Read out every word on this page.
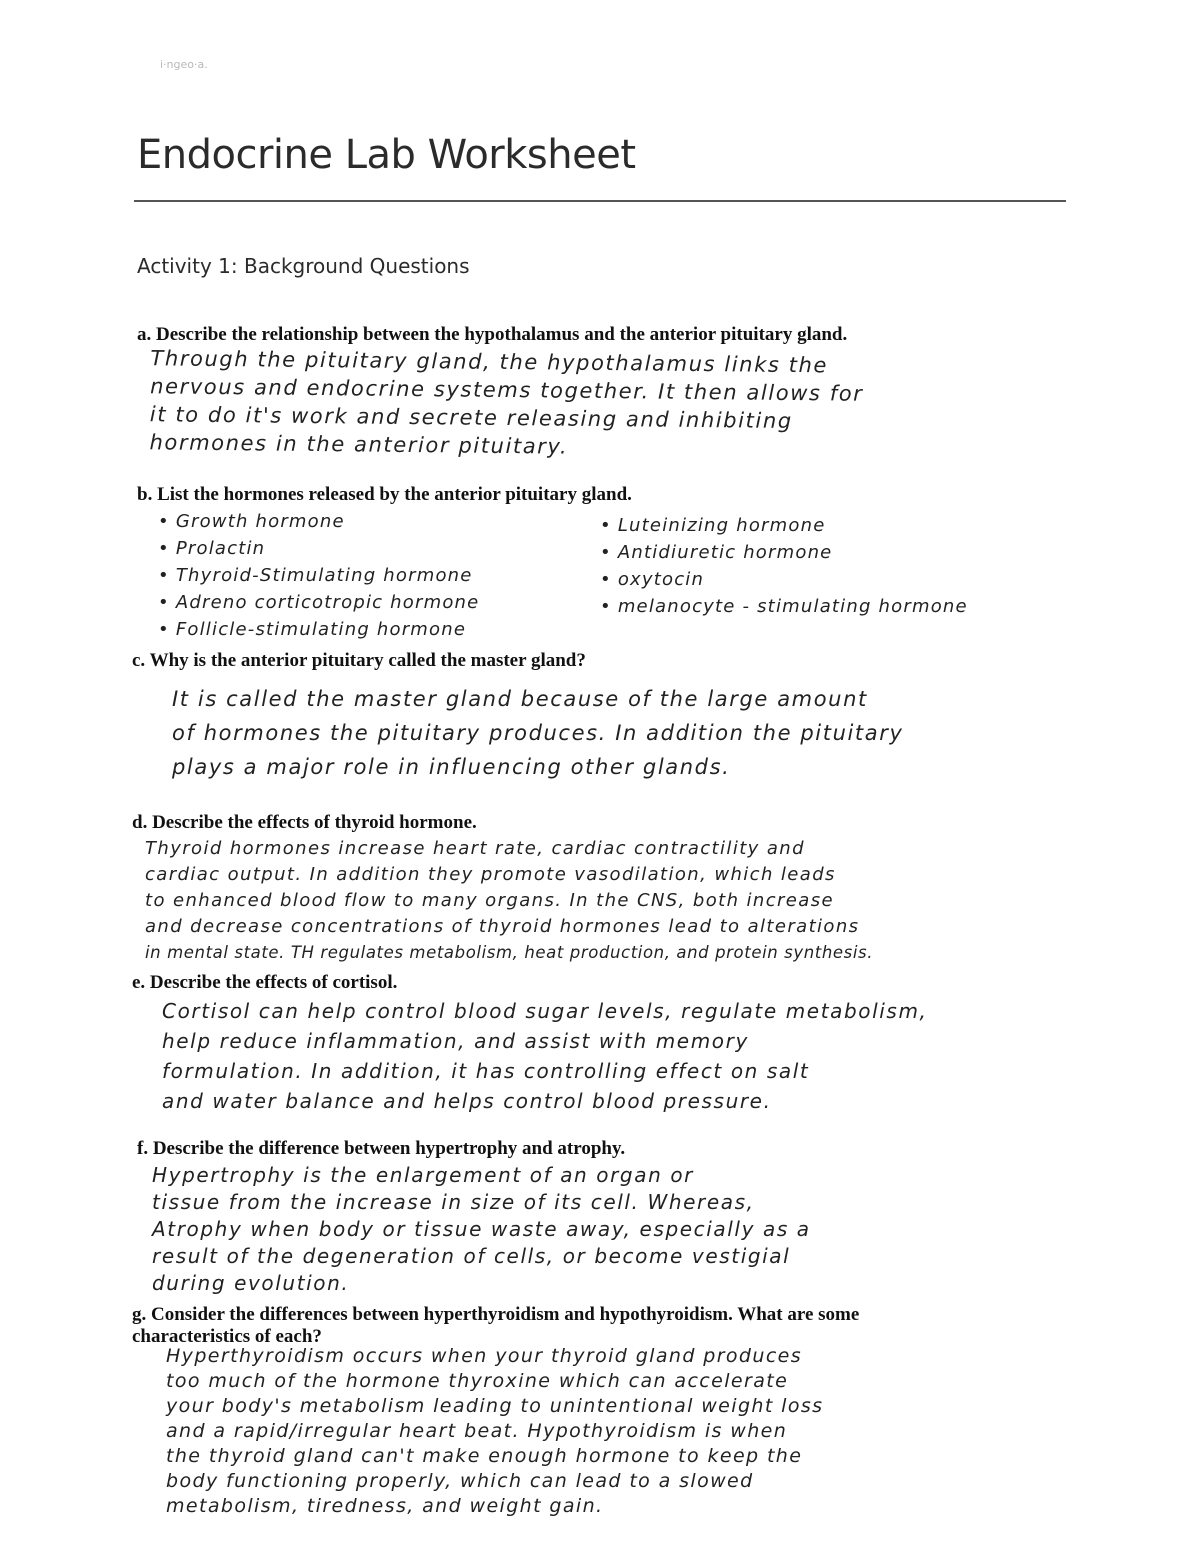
i·ngeo·a.
Endocrine Lab Worksheet
Activity 1: Background Questions
a. Describe the relationship between the hypothalamus and the anterior pituitary gland.
Through the pituitary gland, the hypothalamus links the
nervous and endocrine systems together. It then allows for
it to do it's work and secrete releasing and inhibiting
hormones in the anterior pituitary.
b. List the hormones released by the anterior pituitary gland.
• Growth hormone
• Prolactin
• Thyroid-Stimulating hormone
• Adreno corticotropic hormone
• Follicle-stimulating hormone
• Luteinizing hormone
• Antidiuretic hormone
• oxytocin
• melanocyte - stimulating hormone
c. Why is the anterior pituitary called the master gland?
It is called the master gland because of the large amount
of hormones the pituitary produces. In addition the pituitary
plays a major role in influencing other glands.
d. Describe the effects of thyroid hormone.
Thyroid hormones increase heart rate, cardiac contractility and
cardiac output. In addition they promote vasodilation, which leads
to enhanced blood flow to many organs. In the CNS, both increase
and decrease concentrations of thyroid hormones lead to alterations
in mental state. TH regulates metabolism, heat production, and protein synthesis.
e. Describe the effects of cortisol.
Cortisol can help control blood sugar levels, regulate metabolism,
help reduce inflammation, and assist with memory
formulation. In addition, it has controlling effect on salt
and water balance and helps control blood pressure.
f. Describe the difference between hypertrophy and atrophy.
Hypertrophy is the enlargement of an organ or
tissue from the increase in size of its cell. Whereas,
Atrophy when body or tissue waste away, especially as a
result of the degeneration of cells, or become vestigial
during evolution.
g. Consider the differences between hyperthyroidism and hypothyroidism. What are some
characteristics of each?
Hyperthyroidism occurs when your thyroid gland produces
too much of the hormone thyroxine which can accelerate
your body's metabolism leading to unintentional weight loss
and a rapid/irregular heart beat. Hypothyroidism is when
the thyroid gland can't make enough hormone to keep the
body functioning properly, which can lead to a slowed
metabolism, tiredness, and weight gain.
